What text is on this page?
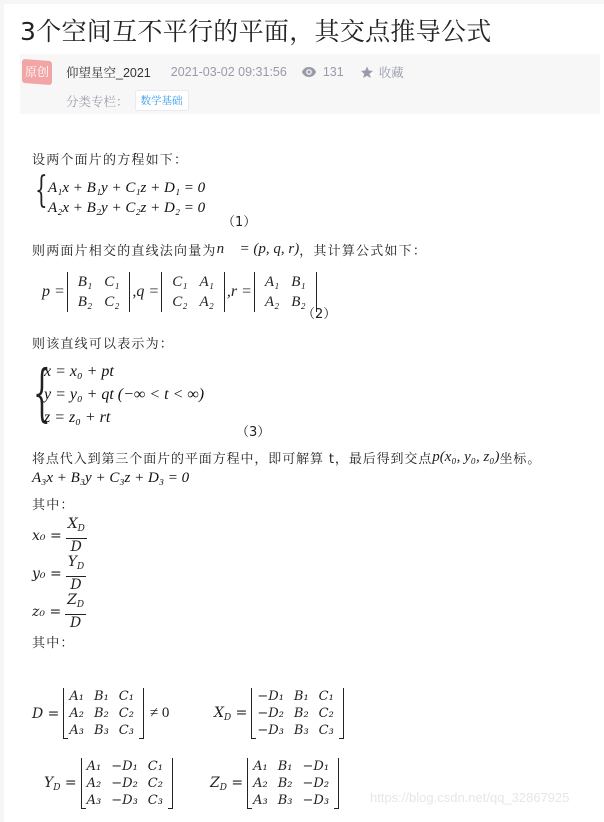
3个空间互不平行的平面，其交点推导公式
原创 仰望星空_2021 2021-03-02 09:31:56	131	收藏
分类专栏：	数学基础
设两个面片的方程如下：
{ A₁x + B₁y + C₁z + D₁ = 0
A₂x + B₂y + C₂z + D₂ = 0
（1）
则两面片相交的直线法向量为 n⃗ = (p, q, r) ，其计算公式如下：
p =
B₁	C₁
B₂	C₂
,q =
C₁	A₁
C₂	A₂
,r =
A₁	B₁
A₂	B₂
（2）
则该直线可以表示为：
{
x = x₀ + pt
y = y₀ + qt (−∞ < t < ∞)
z = z₀ + rt
（3）
将点代入到第三个面片的平面方程中，即可解算 t，最后得到交点 p(x₀, y₀, z₀) 坐标。
A₃x + B₃y + C₃z + D₃ = 0
其中：
$x_0 = \frac{X_D}{D}$
$y_0 = \frac{Y_D}{D}$
$z_0 = \frac{Z_D}{D}$
其中：
D =
A₁	B₁	C₁
A₂	B₂	C₂
A₃	B₃	C₃
≠ 0	$X_D$ =
−D₁	B₁	C₁
−D₂	B₂	C₂
−D₃	B₃	C₃
$Y_D$ =
A₁	−D₁	C₁
A₂	−D₂	C₂
A₃	−D₃	C₃
$Z_D$ =
A₁	B₁	−D₁
A₂	B₂	−D₂
A₃	B₃	−D₃	https://blog.csdn.net/qq_32867925
